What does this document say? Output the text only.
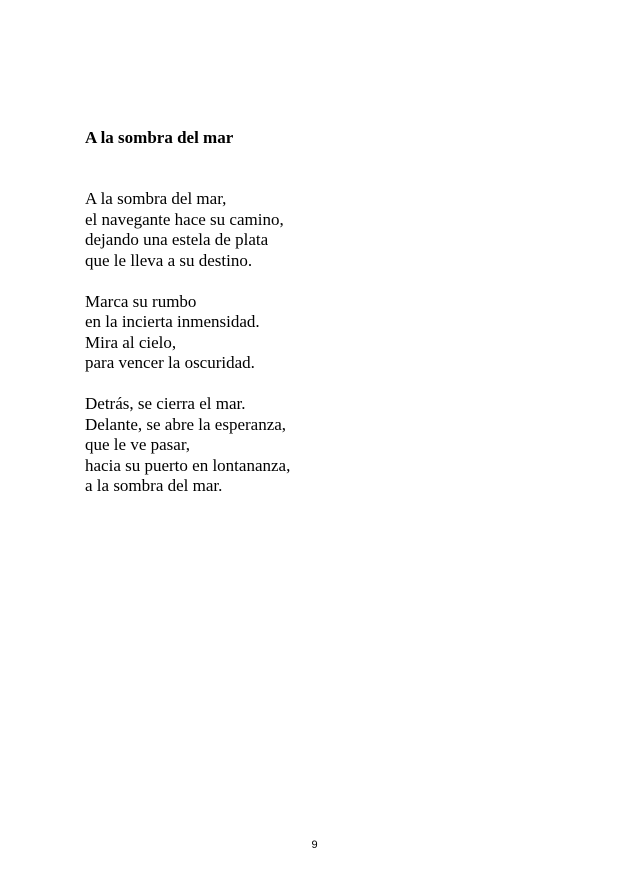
A la sombra del mar
A la sombra del mar,
el navegante hace su camino,
dejando una estela de plata
que le lleva a su destino.
Marca su rumbo
en la incierta inmensidad.
Mira al cielo,
para vencer la oscuridad.
Detrás, se cierra el mar.
Delante, se abre la esperanza,
que le ve pasar,
hacia su puerto en lontananza,
a la sombra del mar.
9
